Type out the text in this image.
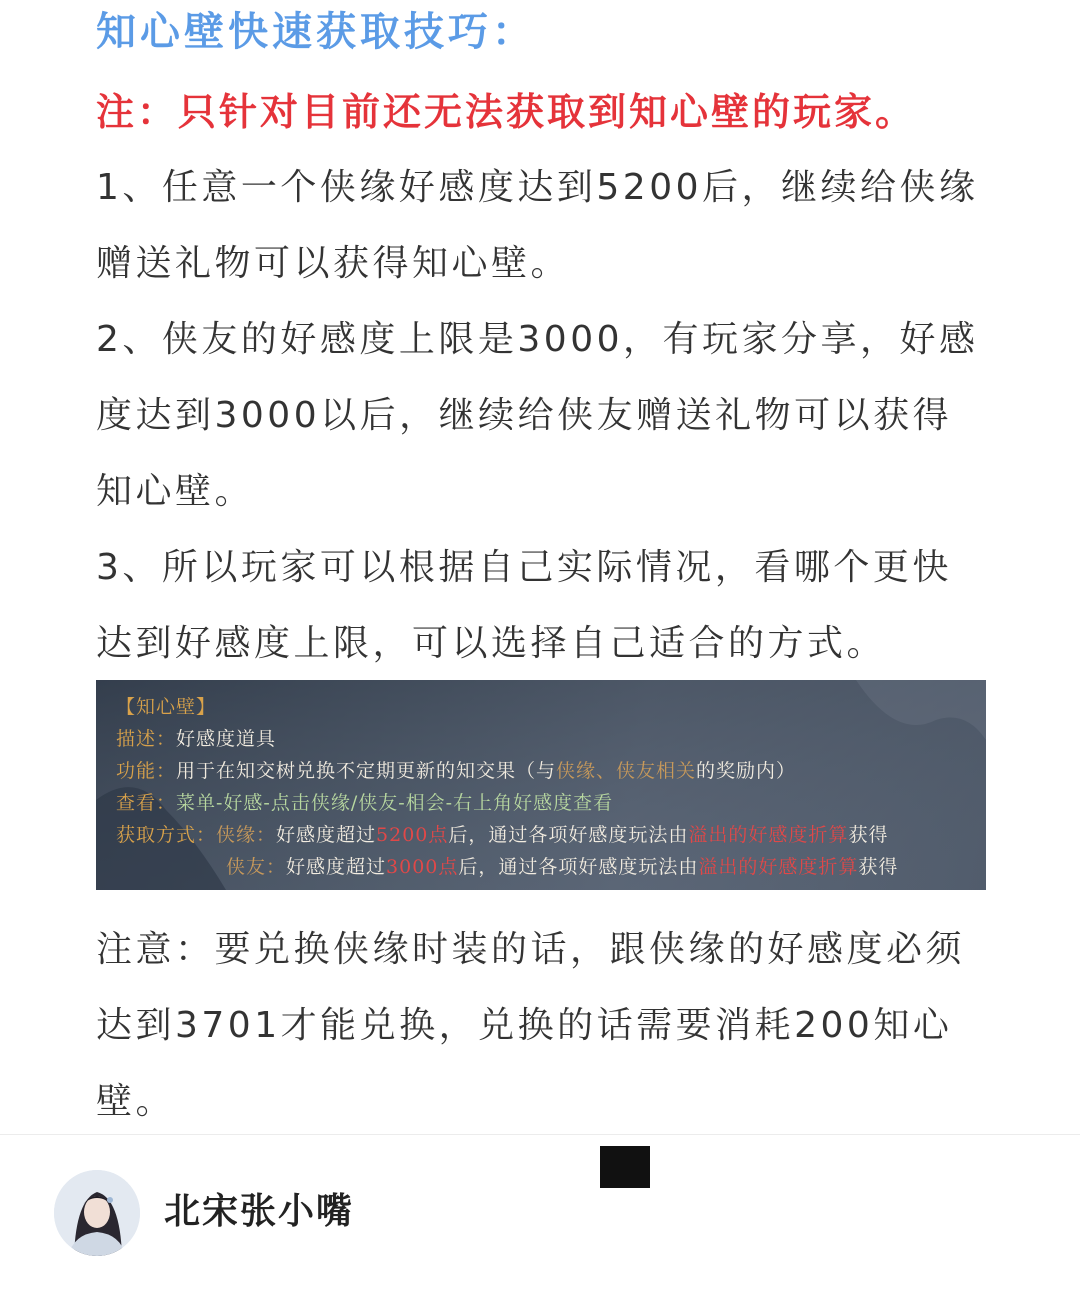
知心壁快速获取技巧：
注：只针对目前还无法获取到知心壁的玩家。
1、任意一个侠缘好感度达到5200后，继续给侠缘赠送礼物可以获得知心壁。
2、侠友的好感度上限是3000，有玩家分享，好感度达到3000以后，继续给侠友赠送礼物可以获得知心壁。
3、所以玩家可以根据自己实际情况，看哪个更快达到好感度上限，可以选择自己适合的方式。
【知心壁】
描述：好感度道具
功能：用于在知交树兑换不定期更新的知交果（与侠缘、侠友相关的奖励内）
查看：菜单-好感-点击侠缘/侠友-相会-右上角好感度查看
获取方式：侠缘：好感度超过5200点后，通过各项好感度玩法由溢出的好感度折算获得
侠友：好感度超过3000点后，通过各项好感度玩法由溢出的好感度折算获得
注意：要兑换侠缘时装的话，跟侠缘的好感度必须达到3701才能兑换，兑换的话需要消耗200知心壁。
北宋张小嘴
